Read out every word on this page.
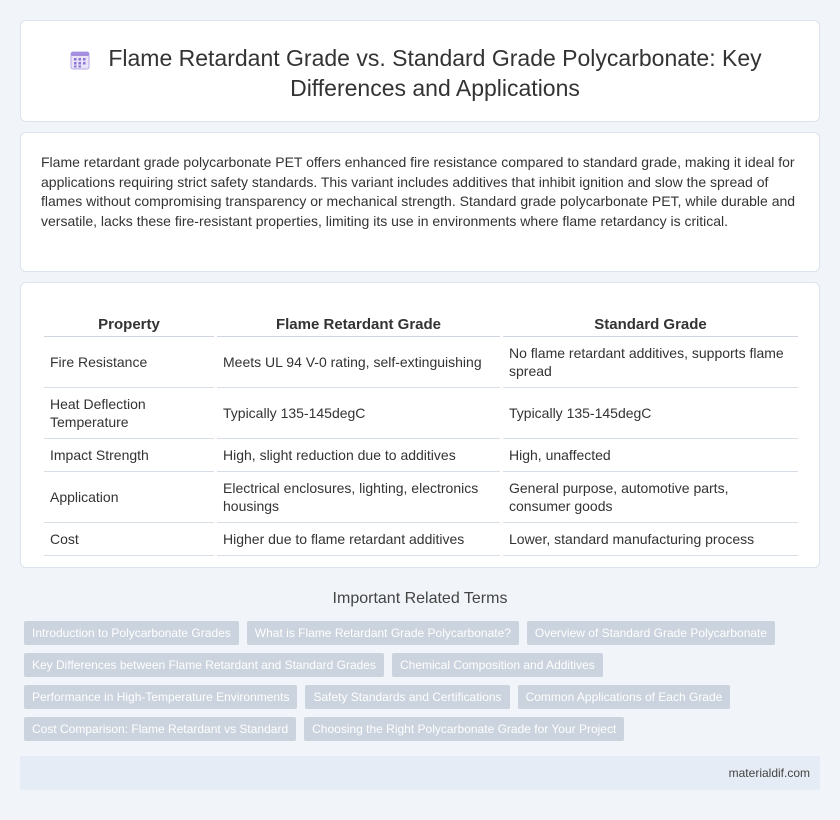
Flame Retardant Grade vs. Standard Grade Polycarbonate: Key Differences and Applications

Flame retardant grade polycarbonate PET offers enhanced fire resistance compared to standard grade, making it ideal for applications requiring strict safety standards. This variant includes additives that inhibit ignition and slow the spread of flames without compromising transparency or mechanical strength. Standard grade polycarbonate PET, while durable and versatile, lacks these fire-resistant properties, limiting its use in environments where flame retardancy is critical.

Property	Flame Retardant Grade	Standard Grade
Fire Resistance	Meets UL 94 V-0 rating, self-extinguishing	No flame retardant additives, supports flame spread
Heat Deflection Temperature	Typically 135-145degC	Typically 135-145degC
Impact Strength	High, slight reduction due to additives	High, unaffected
Application	Electrical enclosures, lighting, electronics housings	General purpose, automotive parts, consumer goods
Cost	Higher due to flame retardant additives	Lower, standard manufacturing process
Important Related Terms
Introduction to Polycarbonate Grades	What is Flame Retardant Grade Polycarbonate?	Overview of Standard Grade Polycarbonate
Key Differences between Flame Retardant and Standard Grades	Chemical Composition and Additives
Performance in High-Temperature Environments	Safety Standards and Certifications	Common Applications of Each Grade
Cost Comparison: Flame Retardant vs Standard	Choosing the Right Polycarbonate Grade for Your Project
materialdif.com
